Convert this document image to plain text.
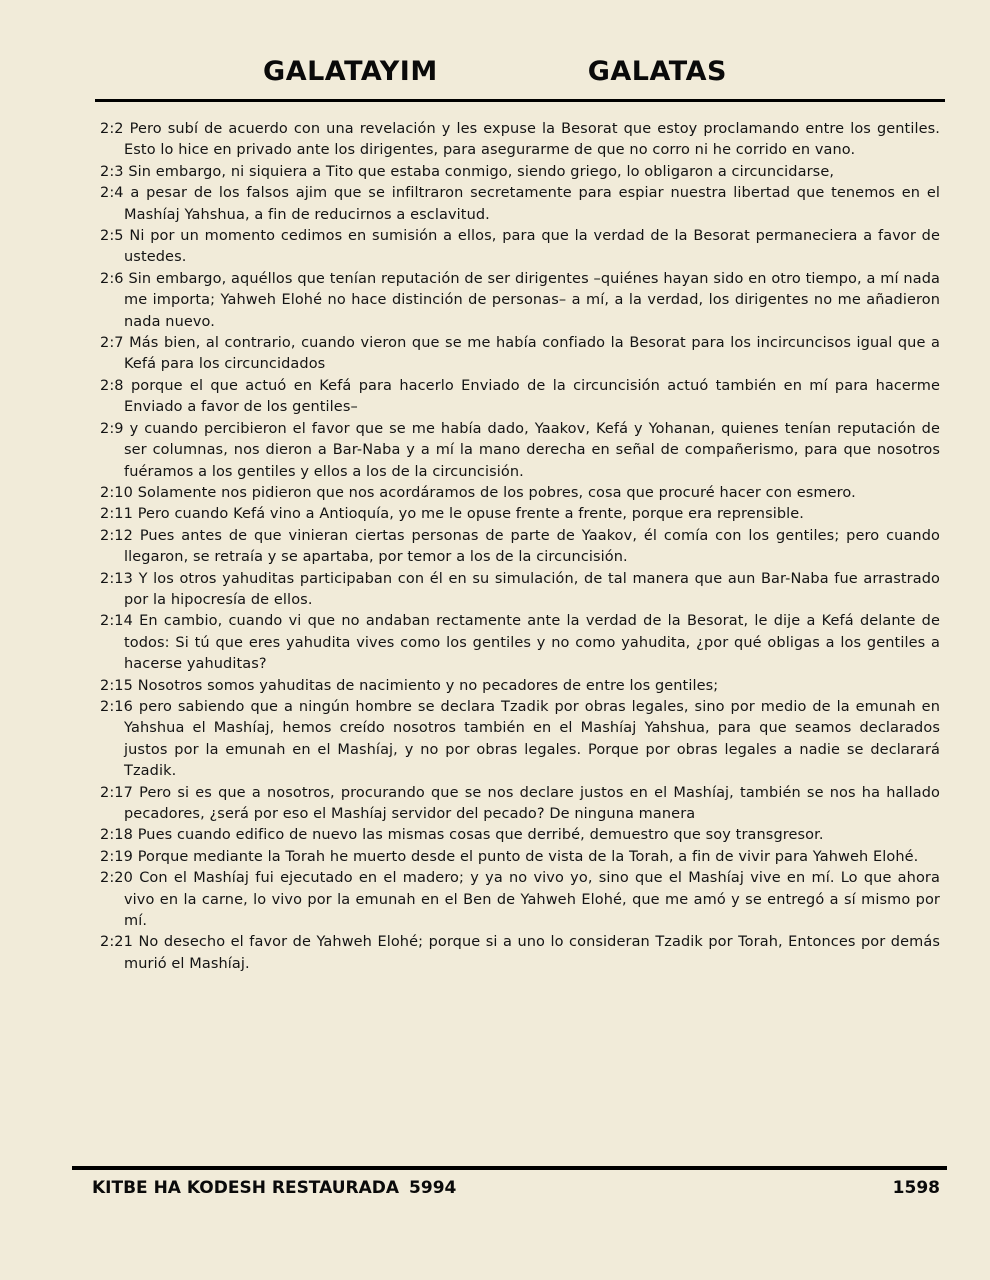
GALATAYIM	GALATAS

2:2 Pero subí de acuerdo con una revelación y les expuse la Besorat que estoy proclamando entre los gentiles. Esto lo hice en privado ante los dirigentes, para asegurarme de que no corro ni he corrido en vano.

2:3 Sin embargo, ni siquiera a Tito que estaba conmigo, siendo griego, lo obligaron a circuncidarse,

2:4 a pesar de los falsos ajim que se infiltraron secretamente para espiar nuestra libertad que tenemos en el Mashíaj Yahshua, a fin de reducirnos a esclavitud.

2:5 Ni por un momento cedimos en sumisión a ellos, para que la verdad de la Besorat permaneciera a favor de ustedes.

2:6 Sin embargo, aquéllos que tenían reputación de ser dirigentes –quiénes hayan sido en otro tiempo, a mí nada me importa; Yahweh Elohé no hace distinción de personas– a mí, a la verdad, los dirigentes no me añadieron nada nuevo.

2:7 Más bien, al contrario, cuando vieron que se me había confiado la Besorat para los incircuncisos igual que a Kefá para los circuncidados

2:8 porque el que actuó en Kefá para hacerlo Enviado de la circuncisión actuó también en mí para hacerme Enviado a favor de los gentiles–

2:9 y cuando percibieron el favor que se me había dado, Yaakov, Kefá y Yohanan, quienes tenían reputación de ser columnas, nos dieron a Bar-Naba y a mí la mano derecha en señal de compañerismo, para que nosotros fuéramos a los gentiles y ellos a los de la circuncisión.

2:10 Solamente nos pidieron que nos acordáramos de los pobres, cosa que procuré hacer con esmero.

2:11 Pero cuando Kefá vino a Antioquía, yo me le opuse frente a frente, porque era reprensible.

2:12 Pues antes de que vinieran ciertas personas de parte de Yaakov, él comía con los gentiles; pero cuando llegaron, se retraía y se apartaba, por temor a los de la circuncisión.

2:13 Y los otros yahuditas participaban con él en su simulación, de tal manera que aun Bar-Naba fue arrastrado por la hipocresía de ellos.

2:14 En cambio, cuando vi que no andaban rectamente ante la verdad de la Besorat, le dije a Kefá delante de todos: Si tú que eres yahudita vives como los gentiles y no como yahudita, ¿por qué obligas a los gentiles a hacerse yahuditas?

2:15 Nosotros somos yahuditas de nacimiento y no pecadores de entre los gentiles;

2:16 pero sabiendo que a ningún hombre se declara Tzadik por obras legales, sino por medio de la emunah en Yahshua el Mashíaj, hemos creído nosotros también en el Mashíaj Yahshua, para que seamos declarados justos por la emunah en el Mashíaj, y no por obras legales. Porque por obras legales a nadie se declarará Tzadik.

2:17 Pero si es que a nosotros, procurando que se nos declare justos en el Mashíaj, también se nos ha hallado pecadores, ¿será por eso el Mashíaj servidor del pecado? De ninguna manera

2:18 Pues cuando edifico de nuevo las mismas cosas que derribé, demuestro que soy transgresor.

2:19 Porque mediante la Torah he muerto desde el punto de vista de la Torah, a fin de vivir para Yahweh Elohé.

2:20 Con el Mashíaj fui ejecutado en el madero; y ya no vivo yo, sino que el Mashíaj vive en mí. Lo que ahora vivo en la carne, lo vivo por la emunah en el Ben de Yahweh Elohé, que me amó y se entregó a sí mismo por mí.

2:21 No desecho el favor de Yahweh Elohé; porque si a uno lo consideran Tzadik por Torah, Entonces por demás murió el Mashíaj.

KITBE HA KODESH RESTAURADA 5994	1598
